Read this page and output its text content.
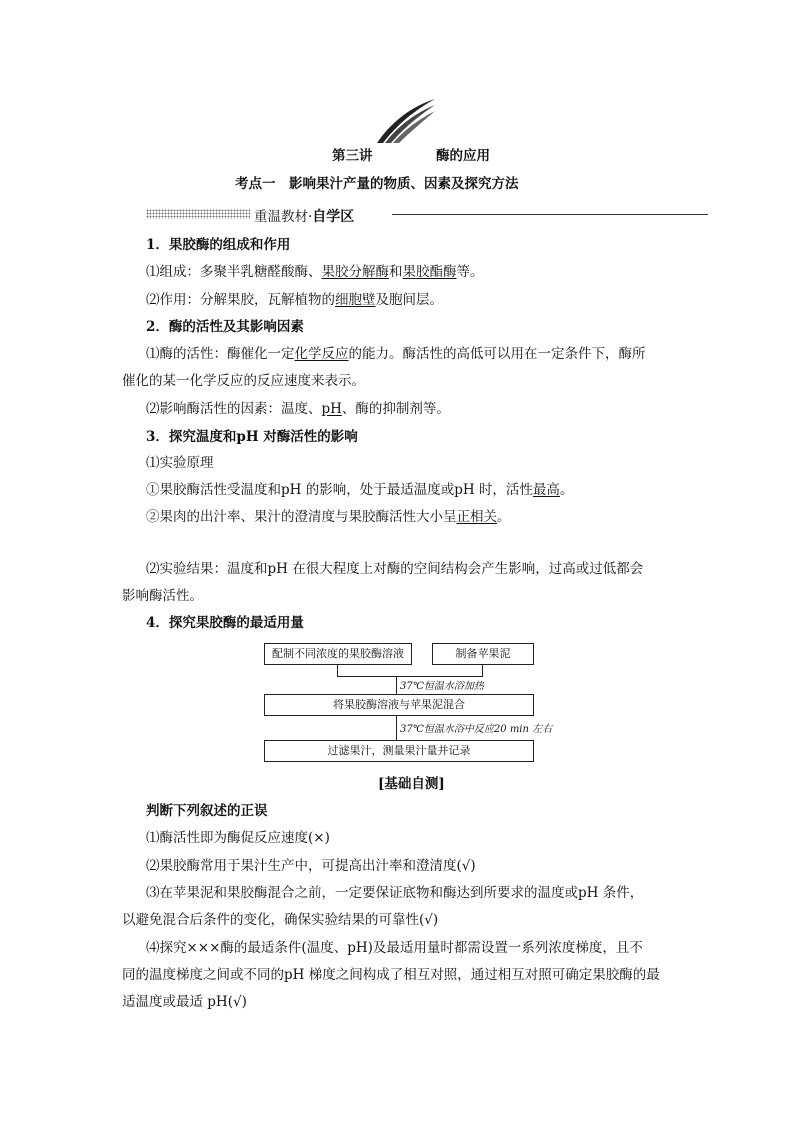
第三讲	酶的应用
考点一　影响果汁产量的物质、因素及探究方法
重温教材·自学区
1．果胶酶的组成和作用
⑴组成：多聚半乳糖醛酸酶、果胶分解酶和果胶酯酶等。
⑵作用：分解果胶，瓦解植物的细胞壁及胞间层。
2．酶的活性及其影响因素
⑴酶的活性：酶催化一定化学反应的能力。酶活性的高低可以用在一定条件下，酶所
催化的某一化学反应的反应速度来表示。
⑵影响酶活性的因素：温度、pH、酶的抑制剂等。
3．探究温度和pH 对酶活性的影响
⑴实验原理
①果胶酶活性受温度和pH 的影响，处于最适温度或pH 时，活性最高。
②果肉的出汁率、果汁的澄清度与果胶酶活性大小呈正相关。
⑵实验结果：温度和pH 在很大程度上对酶的空间结构会产生影响，过高或过低都会
影响酶活性。
4．探究果胶酶的最适用量
配制不同浓度的果胶酶溶液	制备苹果泥
37℃恒温水浴加热
将果胶酶溶液与苹果泥混合
37℃恒温水浴中反应20 min 左右
过滤果汁，测量果汁量并记录
[基础自测]
判断下列叙述的正误
⑴酶活性即为酶促反应速度(×)
⑵果胶酶常用于果汁生产中，可提高出汁率和澄清度(√)
⑶在苹果泥和果胶酶混合之前，一定要保证底物和酶达到所要求的温度或pH 条件，
以避免混合后条件的变化，确保实验结果的可靠性(√)
⑷探究×××酶的最适条件(温度、pH)及最适用量时都需设置一系列浓度梯度，且不
同的温度梯度之间或不同的pH 梯度之间构成了相互对照，通过相互对照可确定果胶酶的最
适温度或最适 pH(√)
